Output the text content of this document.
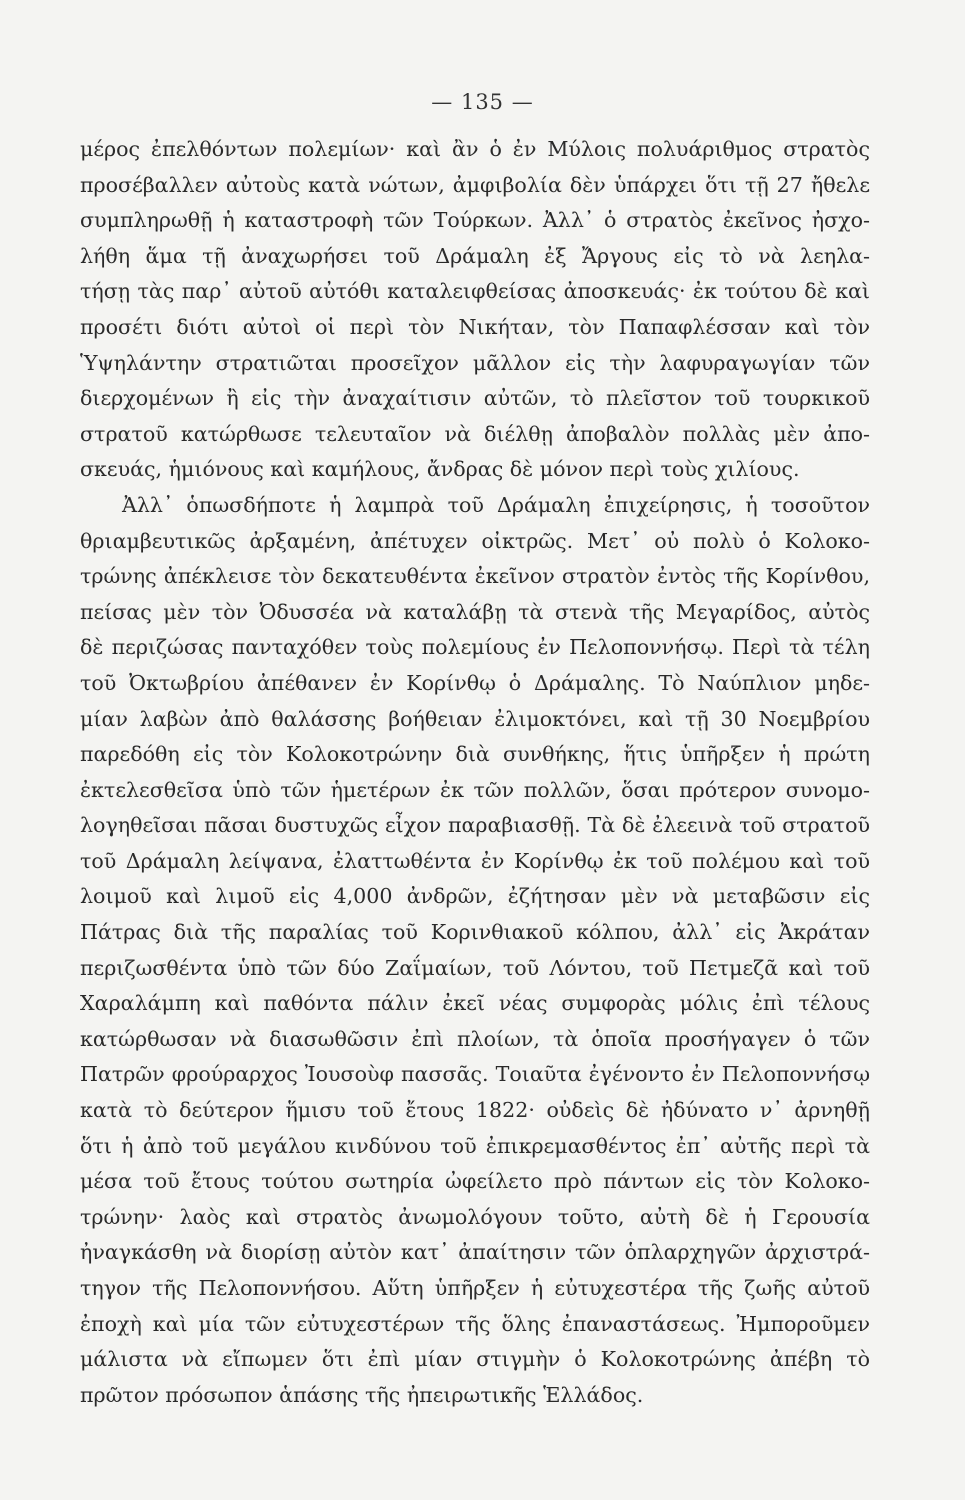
— 135 —
μέρος ἐπελθόντων πολεμίων· καὶ ἂν ὁ ἐν Μύλοις πολυάριθμος στρατὸς
προσέβαλλεν αὐτοὺς κατὰ νώτων, ἀμφιβολία δὲν ὑπάρχει ὅτι τῇ 27 ἤθελε
συμπληρωθῇ ἡ καταστροφὴ τῶν Τούρκων. Ἀλλ᾽ ὁ στρατὸς ἐκεῖνος ἠσχο-
λήθη ἅμα τῇ ἀναχωρήσει τοῦ Δράμαλη ἐξ Ἄργους εἰς τὸ νὰ λεηλα-
τήσῃ τὰς παρ᾽ αὐτοῦ αὐτόθι καταλειφθείσας ἀποσκευάς· ἐκ τούτου δὲ καὶ
προσέτι διότι αὐτοὶ οἱ περὶ τὸν Νικήταν, τὸν Παπαφλέσσαν καὶ τὸν
Ὑψηλάντην στρατιῶται προσεῖχον μᾶλλον εἰς τὴν λαφυραγωγίαν τῶν
διερχομένων ἢ εἰς τὴν ἀναχαίτισιν αὐτῶν, τὸ πλεῖστον τοῦ τουρκικοῦ
στρατοῦ κατώρθωσε τελευταῖον νὰ διέλθῃ ἀποβαλὸν πολλὰς μὲν ἀπο-
σκευάς, ἡμιόνους καὶ καμήλους, ἄνδρας δὲ μόνον περὶ τοὺς χιλίους.
Ἀλλ᾽ ὁπωσδήποτε ἡ λαμπρὰ τοῦ Δράμαλη ἐπιχείρησις, ἡ τοσοῦτον
θριαμβευτικῶς ἀρξαμένη, ἀπέτυχεν οἰκτρῶς. Μετ᾽ οὐ πολὺ ὁ Κολοκο-
τρώνης ἀπέκλεισε τὸν δεκατευθέντα ἐκεῖνον στρατὸν ἐντὸς τῆς Κορίνθου,
πείσας μὲν τὸν Ὀδυσσέα νὰ καταλάβῃ τὰ στενὰ τῆς Μεγαρίδος, αὐτὸς
δὲ περιζώσας πανταχόθεν τοὺς πολεμίους ἐν Πελοποννήσῳ. Περὶ τὰ τέλη
τοῦ Ὀκτωβρίου ἀπέθανεν ἐν Κορίνθῳ ὁ Δράμαλης. Τὸ Ναύπλιον μηδε-
μίαν λαβὼν ἀπὸ θαλάσσης βοήθειαν ἐλιμοκτόνει, καὶ τῇ 30 Νοεμβρίου
παρεδόθη εἰς τὸν Κολοκοτρώνην διὰ συνθήκης, ἥτις ὑπῆρξεν ἡ πρώτη
ἐκτελεσθεῖσα ὑπὸ τῶν ἡμετέρων ἐκ τῶν πολλῶν, ὅσαι πρότερον συνομο-
λογηθεῖσαι πᾶσαι δυστυχῶς εἶχον παραβιασθῇ. Τὰ δὲ ἐλεεινὰ τοῦ στρατοῦ
τοῦ Δράμαλη λείψανα, ἐλαττωθέντα ἐν Κορίνθῳ ἐκ τοῦ πολέμου καὶ τοῦ
λοιμοῦ καὶ λιμοῦ εἰς 4,000 ἀνδρῶν, ἐζήτησαν μὲν νὰ μεταβῶσιν εἰς
Πάτρας διὰ τῆς παραλίας τοῦ Κορινθιακοῦ κόλπου, ἀλλ᾽ εἰς Ἀκράταν
περιζωσθέντα ὑπὸ τῶν δύο Ζαΐμαίων, τοῦ Λόντου, τοῦ Πετμεζᾶ καὶ τοῦ
Χαραλάμπη καὶ παθόντα πάλιν ἐκεῖ νέας συμφορὰς μόλις ἐπὶ τέλους
κατώρθωσαν νὰ διασωθῶσιν ἐπὶ πλοίων, τὰ ὁποῖα προσήγαγεν ὁ τῶν
Πατρῶν φρούραρχος Ἰουσοὺφ πασσᾶς. Τοιαῦτα ἐγένοντο ἐν Πελοποννήσῳ
κατὰ τὸ δεύτερον ἥμισυ τοῦ ἔτους 1822· οὐδεὶς δὲ ἠδύνατο ν᾽ ἀρνηθῇ
ὅτι ἡ ἀπὸ τοῦ μεγάλου κινδύνου τοῦ ἐπικρεμασθέντος ἐπ᾽ αὐτῆς περὶ τὰ
μέσα τοῦ ἔτους τούτου σωτηρία ὠφείλετο πρὸ πάντων εἰς τὸν Κολοκο-
τρώνην· λαὸς καὶ στρατὸς ἀνωμολόγουν τοῦτο, αὐτὴ δὲ ἡ Γερουσία
ἠναγκάσθη νὰ διορίσῃ αὐτὸν κατ᾽ ἀπαίτησιν τῶν ὁπλαρχηγῶν ἀρχιστρά-
τηγον τῆς Πελοποννήσου. Αὕτη ὑπῆρξεν ἡ εὐτυχεστέρα τῆς ζωῆς αὐτοῦ
ἐποχὴ καὶ μία τῶν εὐτυχεστέρων τῆς ὅλης ἐπαναστάσεως. Ἠμποροῦμεν
μάλιστα νὰ εἴπωμεν ὅτι ἐπὶ μίαν στιγμὴν ὁ Κολοκοτρώνης ἀπέβη τὸ
πρῶτον πρόσωπον ἁπάσης τῆς ἠπειρωτικῆς Ἑλλάδος.
